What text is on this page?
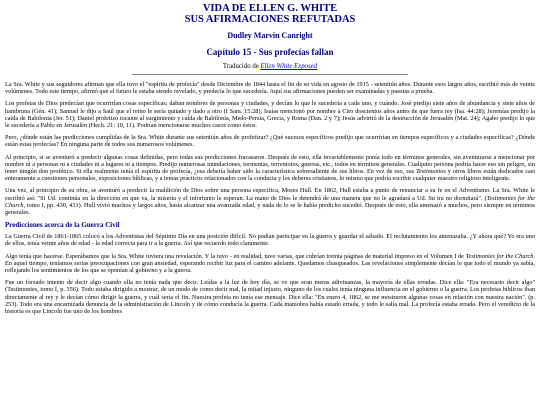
VIDA DE ELLEN G. WHITE
SUS AFIRMACIONES REFUTADAS
Dudley Marvin Canright
Capítulo 15 - Sus profecías fallan
Traducido de Ellen White Exposed

La Sra. White y sus seguidores afirman que ella tuvo el "espíritu de profecía" desde Diciembre de 1844 hasta el fin de su vida en agosto de 1915 - setentiún años. Durante esos largos años, escribió más de veinte volúmenes. Todo este tiempo, afirmó que el futuro le estaba siendo revelado, y predecía lo que sucedería. Aquí sus afirmaciones pueden ser examinadas y puestas a prueba.

Los profetas de Dios predecían que ocurrirían cosas específicas; daban nombres de personas y ciudades, y decían lo que le sucedería a cada uno, y cuándo. José predijo siete años de abundancia y siete años de hambruna (Gén. 41); Samuel le dijo a Saúl que el reino le sería quitado y dado a otro (I Sam. 15:28); Isaías mencionó por nombre a Ciro doscientos años antes de que fuera rey (Isa. 44:28); Jeremías predijo la caída de Babilonia (Jer. 51); Daniel profetizó tocante al surgimiento y caída de Babilonia, Medo-Persia, Grecia, y Roma (Dan. 2 y 7); Jesús advirtió de la destrucción de Jerusalén (Mat. 24); Agabo predijo lo que le sucedería a Pablo en Jerusalén (Hech. 21: 10, 11). Podrían mencionarse muchos casos como éstos.

Pero, ¿dónde están las predicciones cumplidas de la Sra. White durante sus setentiún años de profetizar? ¿Qué sucesos específicos predijo que ocurrirían en tiempos específicos y a ciudades específicas? ¿Dónde están estas profecías? En ninguna parte de todos sus numerosos volúmenes.

Al principio, si se aventuró a predecir algunas cosas definidas, pero todas sus predicciones fracasaron. Después de esto, ella invariablemente ponía todo en términos generales, sin aventurarse a mencionar por nombre ni a personas ni a ciudades ni a lugares ni a tiempos. Predijo numerosas inundaciones, tormentas, terremotos, guerras, etc., todos en términos generales. Cualquier persona podría hacer eso sin peligro, sin tener ningún don profético. Si ella realmente tenía el espíritu de profecía, ¿esa debería haber sido la característica sobresaliente de sus libros. En vez de eso, sus Testimonios y otros libros están dedicados casi enteramente a cuestiones personales, exposiciones bíblicas, y a temas prácticos relacionados con la conducta y los deberes cristianos, lo mismo que podría escribir cualquier maestro religioso inteligente.

Una vez, al principio de su obra, se aventuró a predecir la maldición de Dios sobre una persona específica, Moses Hull. En 1862, Hull estaba a punto de renunciar a su fe en el Adventismo. La Sra. White le escribió así: "Si Ud. continúa en la dirección en que va, la miseria y el infortunio le esperan. La mano de Dios le detendrá de una manera que no le agradará a Ud. Su ira no dormitará". (Testimonies for the Church, tomo I, pp. 430, 431). Hull vivió muchos y largos años, hasta alcanzar una avanzada edad, y nada de lo se le había predicho sucedió. Después de esto, ella amenazó a muchos, pero siempre en términos generales.

Predicciones acerca de la Guerra Civil

La Guerra Civil de 1861-1865 colocó a los Adventistas del Séptimo Día en una posición difícil. No podían participar en la guerra y guardar el sábado. El reclutamiento los amenazaba. ¿Y ahora qué? Yo era uno de ellos, tenía veinte años de edad - la edad correcta para ir a la guerra. Así que recuerdo todo claramente.

Algo tenía que hacerse. Esperábamos que la Sra. White tuviera una revelación. Y la tuvo - en realidad, tuvo varias, que cubrían treinta páginas de material impreso en el Volumen I de Testimonies for the Church. En aquel tiempo, teníamos serias preocupaciones con gran ansiedad, esperando recibir luz para el camino adelante. Quedamos chasqueados. Las revelaciones simplemente decían lo que todo el mundo ya sabía, reflejando los sentimientos de los que se oponían al gobierno y a la guerra.

Fue un forzado intento de decir algo cuando ella no tenía nada que decir. Leídas a la luz de hoy día, se ve que eran meras adivinanzas, la mayoría de ellas erradas. Dice ella: "Era necesario decir algo" (Testimonies, tomo I, p. 356). Todo estaba dirigido a mostrar, de un modo de como decir mal, la mitad injusto, ninguno de los cuales tenía ninguna influencia en el gobierno o la guerra. Los profetas bíblicos iban directamente al rey y le decían cómo dirigir la guerra, y cuál sería el fin. Nuestra profeta no tenía ese mensaje. Dice ella: "En enero 4, 1862, se me mostraron algunas cosas en relación con nuestra nación". (p. 253). Todo era una encarnizada denuncia de la administración de Lincoln y de cómo conducía la guerra. Cada maniobra había estado errada, y todo le salía mal. La profecía estaba errada. Pero el veredicto de la historia es que Lincoln fue uno de los hombres
